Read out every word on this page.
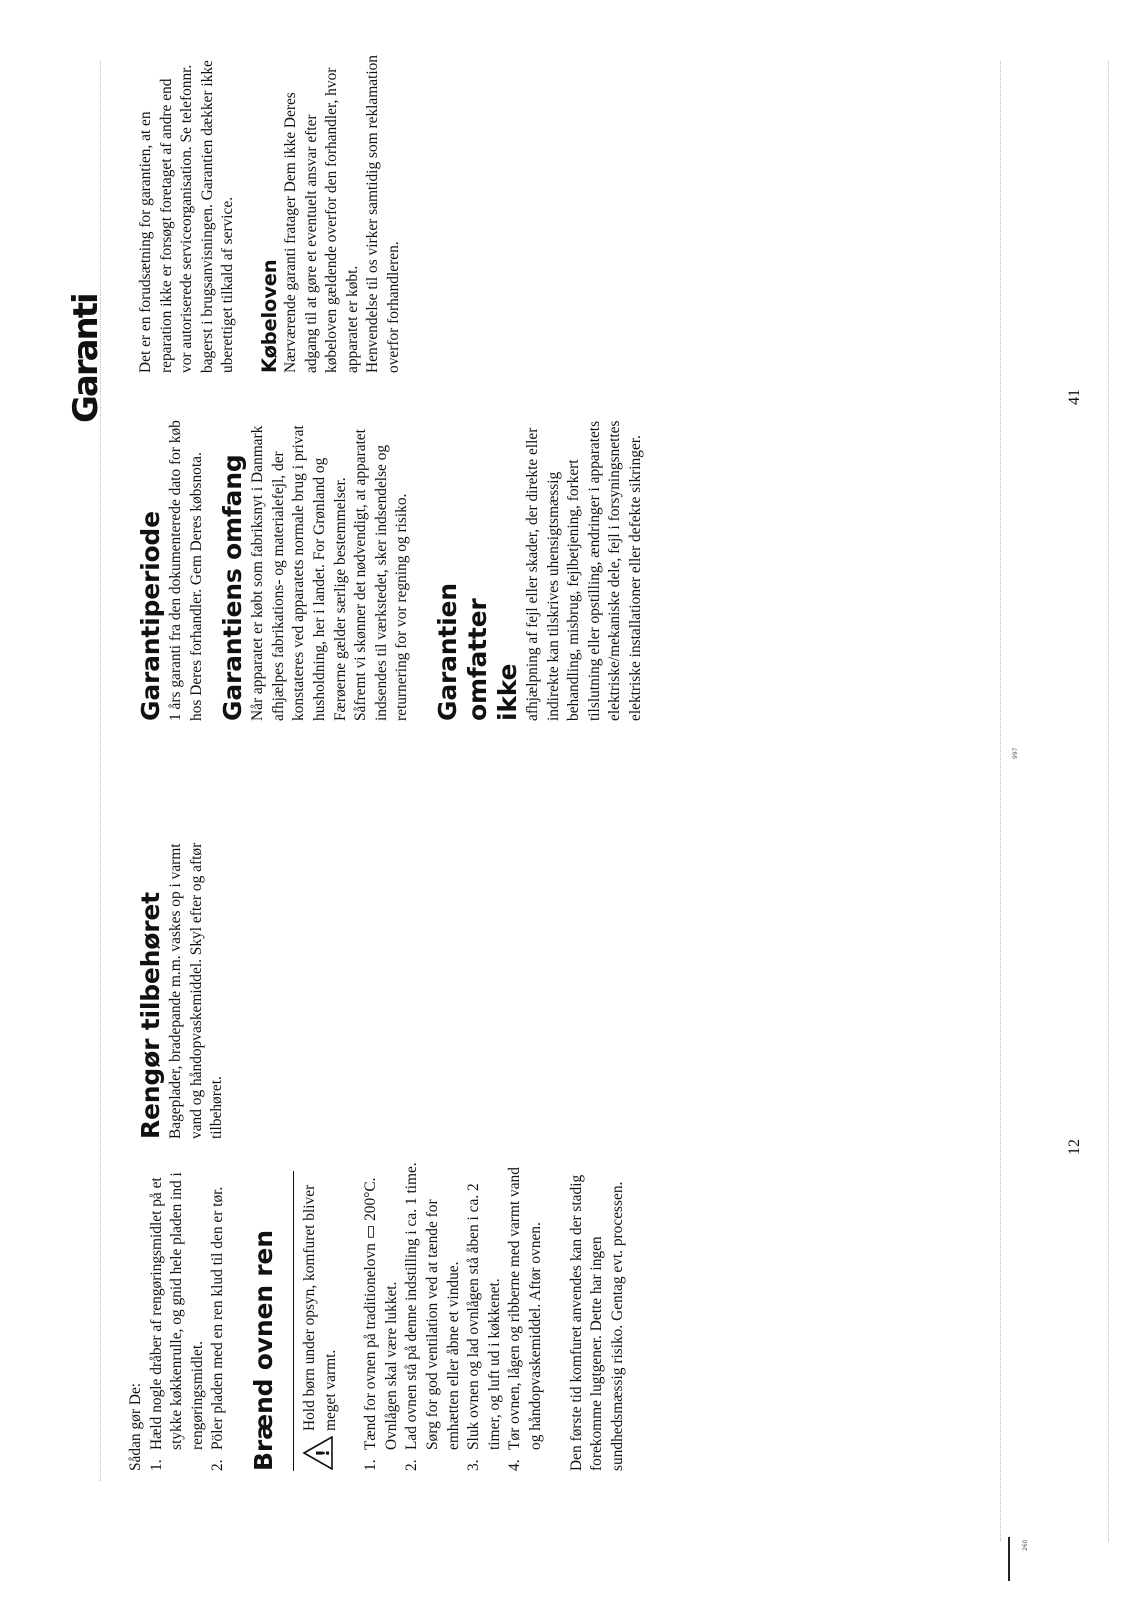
Sådan gør De: 1.
Hæld nogle dråber af rengøringsmidlet på et stykke køkkenrulle, og gnid hele pladen ind i rengøringsmidlet.
2.
Pöler pladen med en ren klud til den er tør. Brænd ovnen ren !
Hold børn under opsyn, komfuret bliver meget varmt.
1.
Tænd for ovnen på traditionelovn ▭ 200°C. Ovnlågen skal være lukket.
2.
Lad ovnen stå på denne indstilling i ca. 1 time. Sørg for god ventilation ved at tænde for emhætten eller åbne et vindue.
3.
Sluk ovnen og lad ovnlågen stå åben i ca. 2 timer, og luft ud i køkkenet.
4.
Tør ovnen, lågen og ribberne med varmt vand og håndopvaskemiddel. Aftør ovnen. Den første tid komfuret anvendes kan der stadig forekomme lugtgener. Dette har ingen sundhedsmæssig risiko. Gentag evt. processen.

Rengør tilbehøret Bageplader, bradepande m.m. vaskes op i varmt vand og håndopvaskemiddel. Skyl efter og aftør tilbehøret.

12
260
Garantiperiode 1 års garanti fra den dokumenterede dato for køb hos Deres forhandler. Gem Deres købsnota. Garantiens omfang Når apparatet er købt som fabriksnyt i Danmark afhjælpes fabrikations- og materialefejl, der konstateres ved apparatets normale brug i privat husholdning, her i landet. For Grønland og Færøerne gælder særlige bestemmelser. Såfremt vi skønner det nødvendigt, at apparatet indsendes til værkstedet, sker indsendelse og returnering for vor regning og risiko. Garantien omfatter ikke afhjælpning af fejl eller skader, der direkte eller indirekte kan tilskrives uhensigtsmæssig behandling, misbrug, fejlbetjening, forkert tilslutning eller opstilling, ændringer i apparatets elektriske/mekaniske dele, fejl i forsyningsnettes elektriske installationer eller defekte sikringer.

Det er en forudsætning for garantien, at en reparation ikke er forsøgt foretaget af andre end vor autoriserede serviceorganisation. Se telefonnr. bagerst i brugsanvisningen. Garantien dækker ikke uberettiget tilkald af service. Købeloven Nærværende garanti fratager Dem ikke Deres adgang til at gøre et eventuelt ansvar efter købeloven gældende overfor den forhandler, hvor apparatet er købt. Henvendelse til os virker samtidig som reklamation overfor forhandleren.

Garanti	41
997
